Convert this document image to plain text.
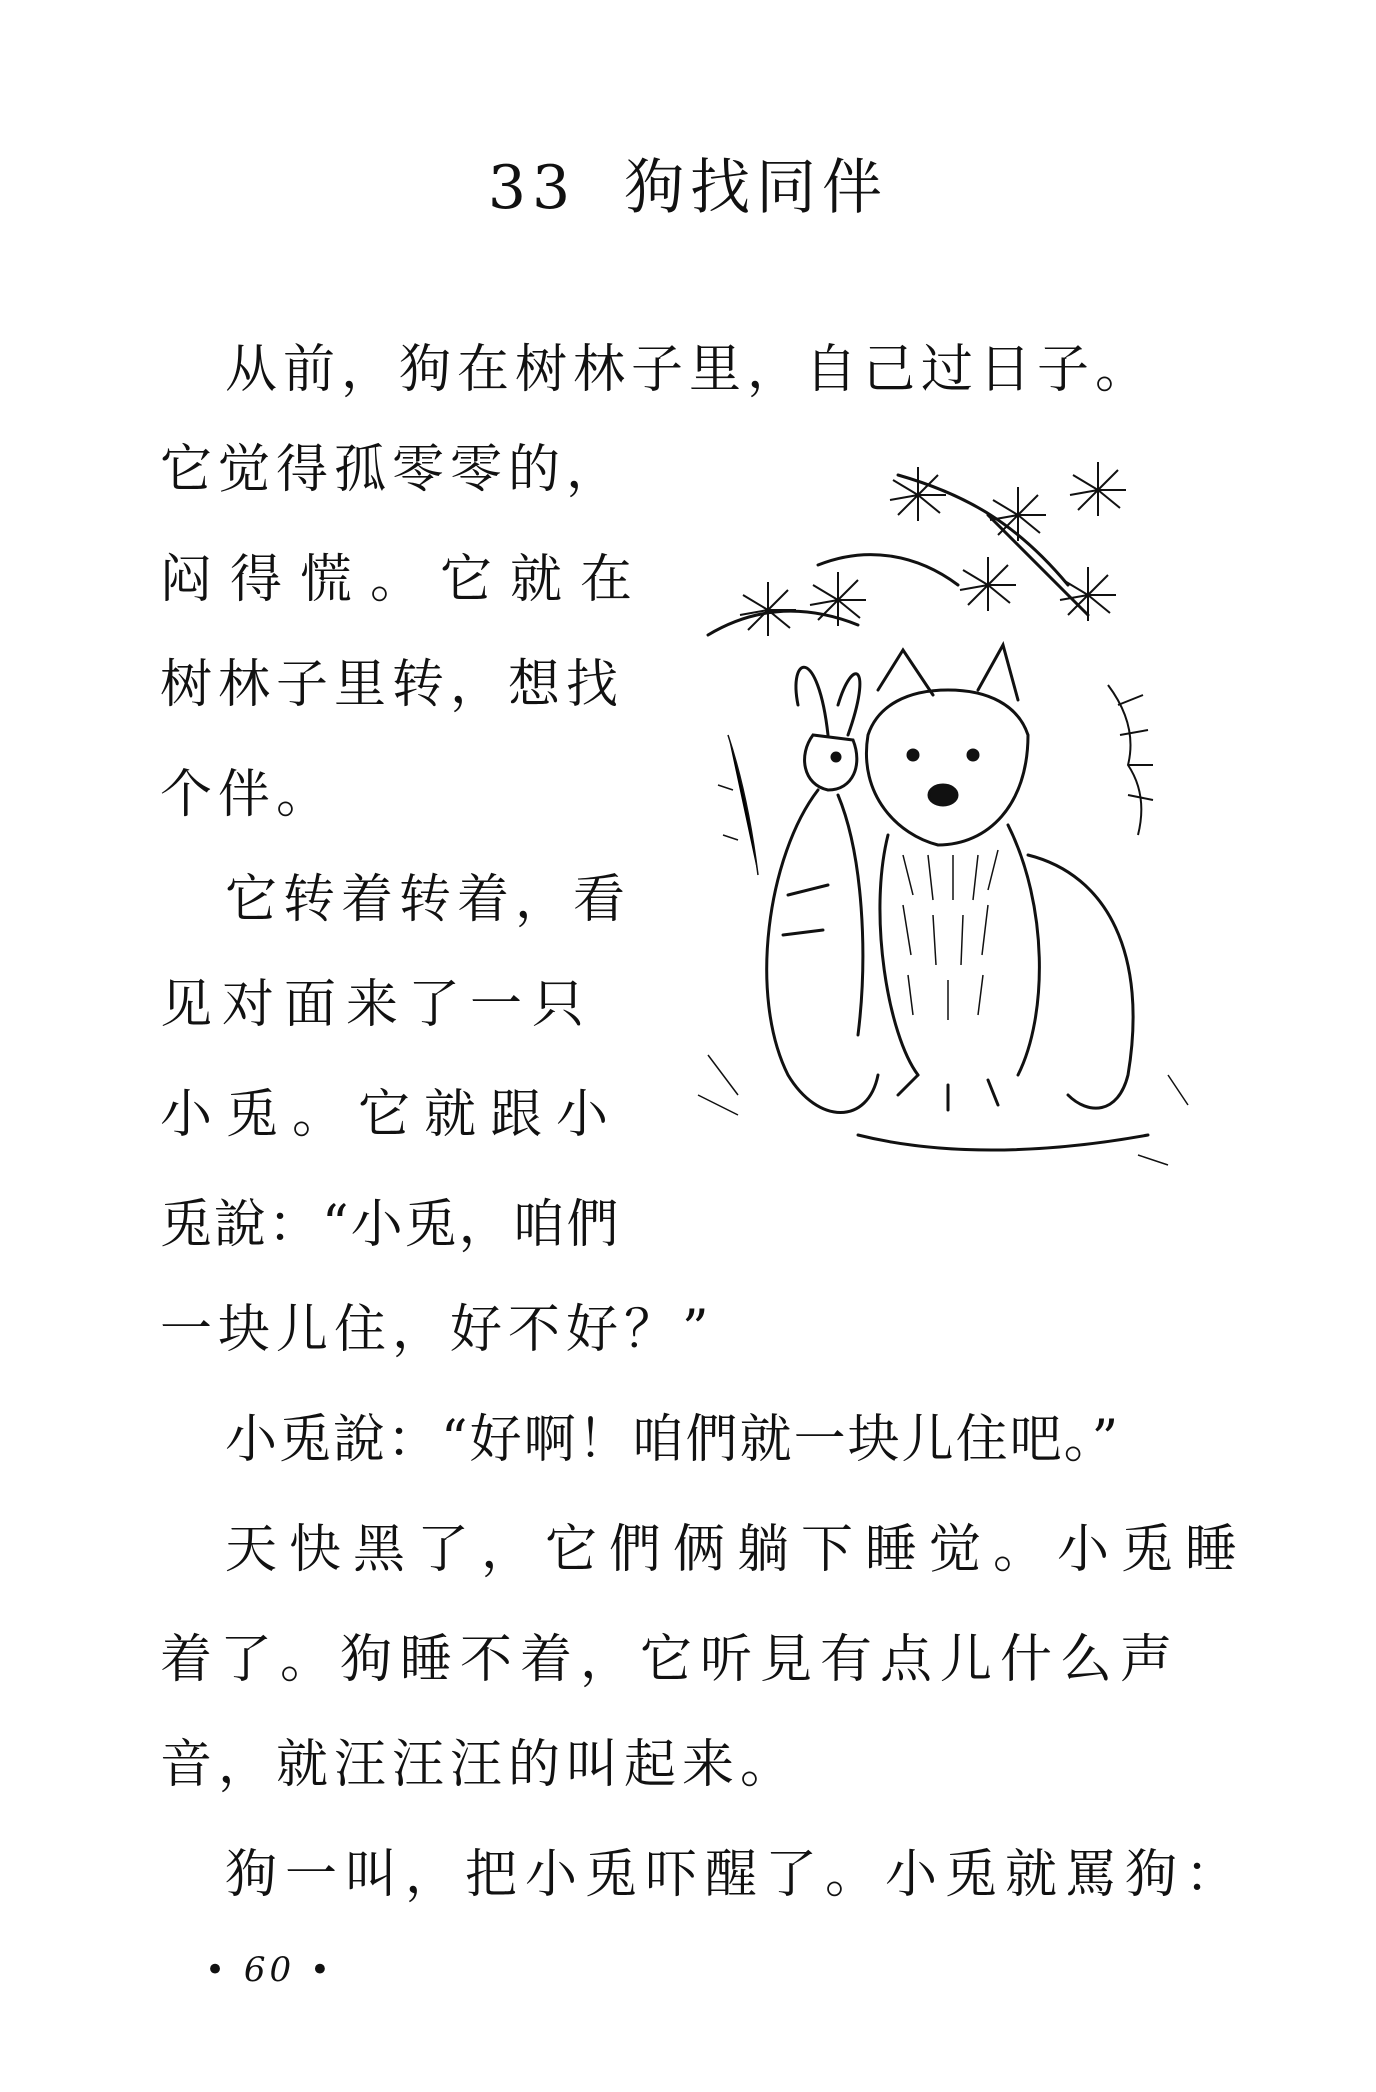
33 狗找同伴
从前，狗在树林子里，自己过日子。
它觉得孤零零的，
闷得慌。它就在
树林子里转，想找
个伴。
它转着转着，看
见对面来了一只
小兎。它就跟小
兎說：“小兎，咱們
一块儿住，好不好？”
小兎說：“好啊！咱們就一块儿住吧。”
天快黑了，它們俩躺下睡觉。小兎睡
着了。狗睡不着，它听見有点儿什么声
音，就汪汪汪的叫起来。
狗一叫，把小兎吓醒了。小兎就罵狗：
• 60 •
